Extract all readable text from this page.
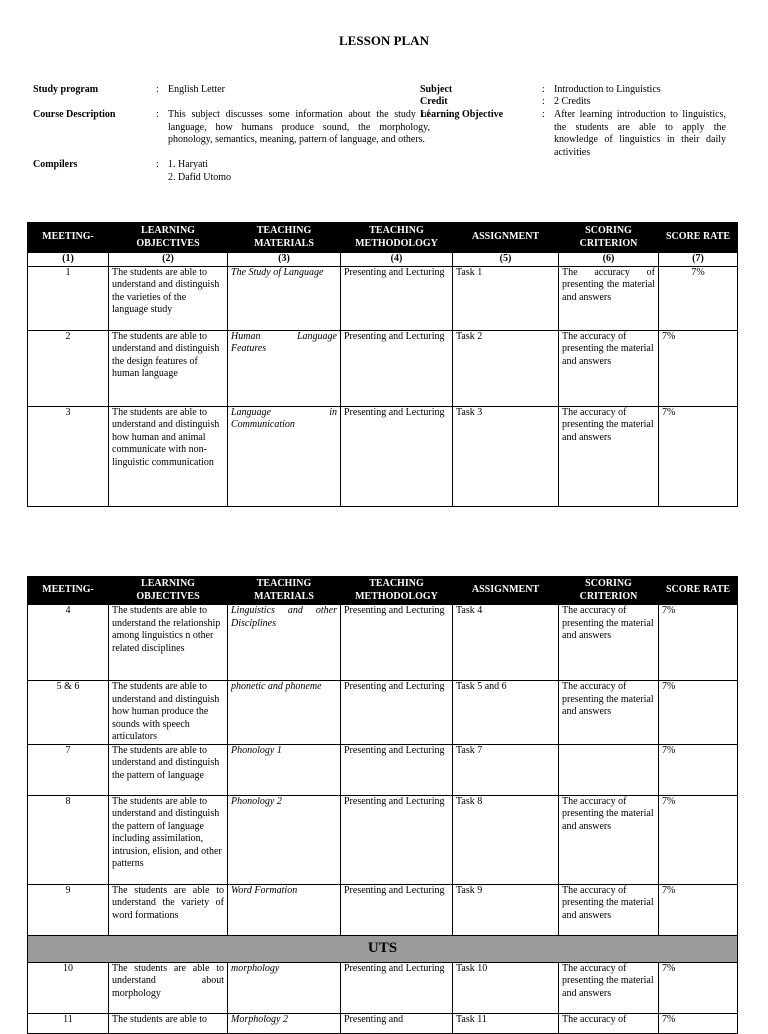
LESSON PLAN
Study program	: English Letter
Course Description	: This subject discusses some information about the study of language, how humans produce sound, the morphology, phonology, semantics, meaning, pattern of language, and others.
Compilers	: 1. Haryati
2. Dafid Utomo
Subject	: Introduction to Linguistics
Credit	: 2 Credits
Learning Objective	: After learning introduction to linguistics, the students are able to apply the knowledge of linguistics in their daily activities
MEETING-	LEARNING OBJECTIVES	TEACHING MATERIALS	TEACHING METHODOLOGY	ASSIGNMENT	SCORING CRITERION	SCORE RATE
(1)	(2)	(3)	(4)	(5)	(6)	(7)
1	The students are able to understand and distinguish the varieties of the language study	The Study of Language	Presenting and Lecturing	Task 1	The accuracy of presenting the material and answers	7%
2	The students are able to understand and distinguish the design features of human language	Human Language Features	Presenting and Lecturing	Task 2	The accuracy of presenting the material and answers	7%
3	The students are able to understand and distinguish how human and animal communicate with non-linguistic communication	Language in Communication	Presenting and Lecturing	Task 3	The accuracy of presenting the material and answers	7%
MEETING-	LEARNING OBJECTIVES	TEACHING MATERIALS	TEACHING METHODOLOGY	ASSIGNMENT	SCORING CRITERION	SCORE RATE
4	The students are able to understand the relationship among linguistics n other related disciplines	Linguistics and other Disciplines	Presenting and Lecturing	Task 4	The accuracy of presenting the material and answers	7%
5 & 6	The students are able to understand and distinguish how human produce the sounds with speech articulators	phonetic and phoneme	Presenting and Lecturing	Task 5 and 6	The accuracy of presenting the material and answers	7%
7	The students are able to understand and distinguish the pattern of language	Phonology 1	Presenting and Lecturing	Task 7		7%
8	The students are able to understand and distinguish the pattern of language including assimilation, intrusion, elision, and other patterns	Phonology 2	Presenting and Lecturing	Task 8	The accuracy of presenting the material and answers	7%
9	The students are able to understand the variety of word formations	Word Formation	Presenting and Lecturing	Task 9	The accuracy of presenting the material and answers	7%
UTS						
10	The students are able to understand about morphology	morphology	Presenting and Lecturing	Task 10	The accuracy of presenting the material and answers	7%
11	The students are able to	Morphology 2	Presenting and	Task 11	The accuracy of	7%
